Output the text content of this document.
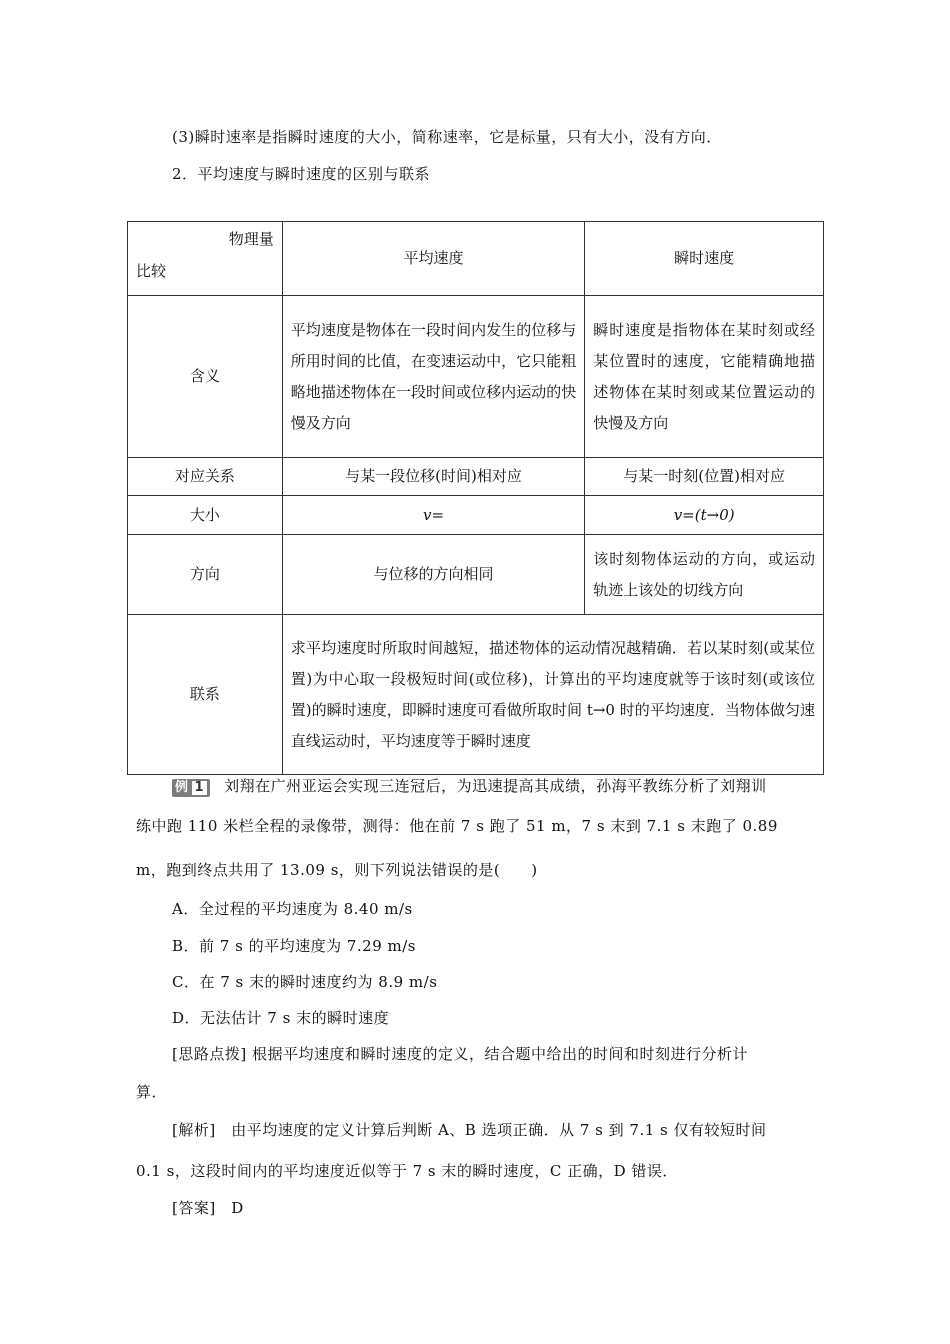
(3)瞬时速率是指瞬时速度的大小，简称速率，它是标量，只有大小，没有方向．
2．平均速度与瞬时速度的区别与联系
物理量
比较	平均速度	瞬时速度
含义	平均速度是物体在一段时间内发生的位移与所用时间的比值，在变速运动中，它只能粗略地描述物体在一段时间或位移内运动的快慢及方向	瞬时速度是指物体在某时刻或经某位置时的速度，它能精确地描述物体在某时刻或某位置运动的快慢及方向
对应关系	与某一段位移(时间)相对应	与某一时刻(位置)相对应
大小	v=	v=(t→0)
方向	与位移的方向相同	该时刻物体运动的方向，或运动轨迹上该处的切线方向
联系	求平均速度时所取时间越短，描述物体的运动情况越精确．若以某时刻(或某位置)为中心取一段极短时间(或位移)，计算出的平均速度就等于该时刻(或该位置)的瞬时速度，即瞬时速度可看做所取时间 t→0 时的平均速度．当物体做匀速直线运动时，平均速度等于瞬时速度	
例 1 刘翔在广州亚运会实现三连冠后，为迅速提高其成绩，孙海平教练分析了刘翔训
练中跑 110 米栏全程的录像带，测得：他在前 7 s 跑了 51 m，7 s 末到 7.1 s 末跑了 0.89
m，跑到终点共用了 13.09 s，则下列说法错误的是(　　)
A．全过程的平均速度为 8.40 m/s
B．前 7 s 的平均速度为 7.29 m/s
C．在 7 s 末的瞬时速度约为 8.9 m/s
D．无法估计 7 s 末的瞬时速度
[思路点拨] 根据平均速度和瞬时速度的定义，结合题中给出的时间和时刻进行分析计
算．
[解析]　由平均速度的定义计算后判断 A、B 选项正确．从 7 s 到 7.1 s 仅有较短时间
0.1 s，这段时间内的平均速度近似等于 7 s 末的瞬时速度，C 正确，D 错误．
[答案]　D
